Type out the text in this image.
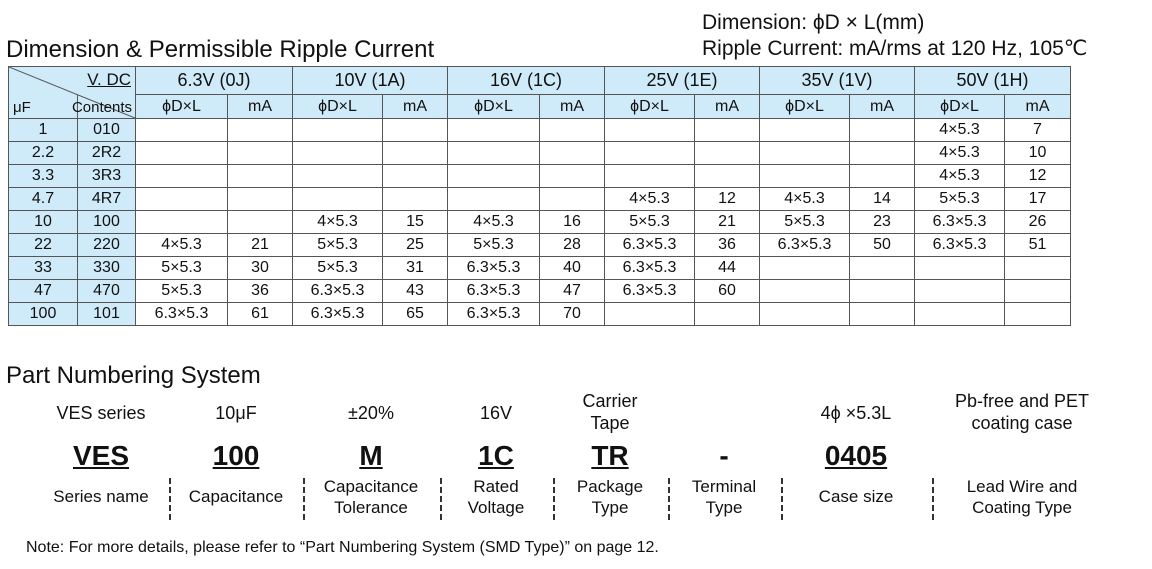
Dimension & Permissible Ripple Current
Dimension: ϕD × L(mm)
Ripple Current: mA/rms at 120 Hz, 105℃
V. DC
μF Contents		6.3V (0J)		10V (1A)		16V (1C)		25V (1E)		35V (1V)		50V (1H)	
		ϕD×L	mA	ϕD×L	mA	ϕD×L	mA	ϕD×L	mA	ϕD×L	mA	ϕD×L	mA
1	010											4×5.3	7
2.2	2R2											4×5.3	10
3.3	3R3											4×5.3	12
4.7	4R7							4×5.3	12	4×5.3	14	5×5.3	17
10	100			4×5.3	15	4×5.3	16	5×5.3	21	5×5.3	23	6.3×5.3	26
22	220	4×5.3	21	5×5.3	25	5×5.3	28	6.3×5.3	36	6.3×5.3	50	6.3×5.3	51
33	330	5×5.3	30	5×5.3	31	6.3×5.3	40	6.3×5.3	44				
47	470	5×5.3	36	6.3×5.3	43	6.3×5.3	47	6.3×5.3	60				
100	101	6.3×5.3	61	6.3×5.3	65	6.3×5.3	70						
Part Numbering System
VES series
VES
Series name
10μF
100
Capacitance
±20%
M
Capacitance
Tolerance
16V
1C
Rated
Voltage
Carrier
Tape
TR
Package
Type
-
Terminal
Type
4ϕ ×5.3L
0405
Case size
Pb-free and PET
coating case
Lead Wire and
Coating Type
Note: For more details, please refer to “Part Numbering System (SMD Type)” on page 12.
